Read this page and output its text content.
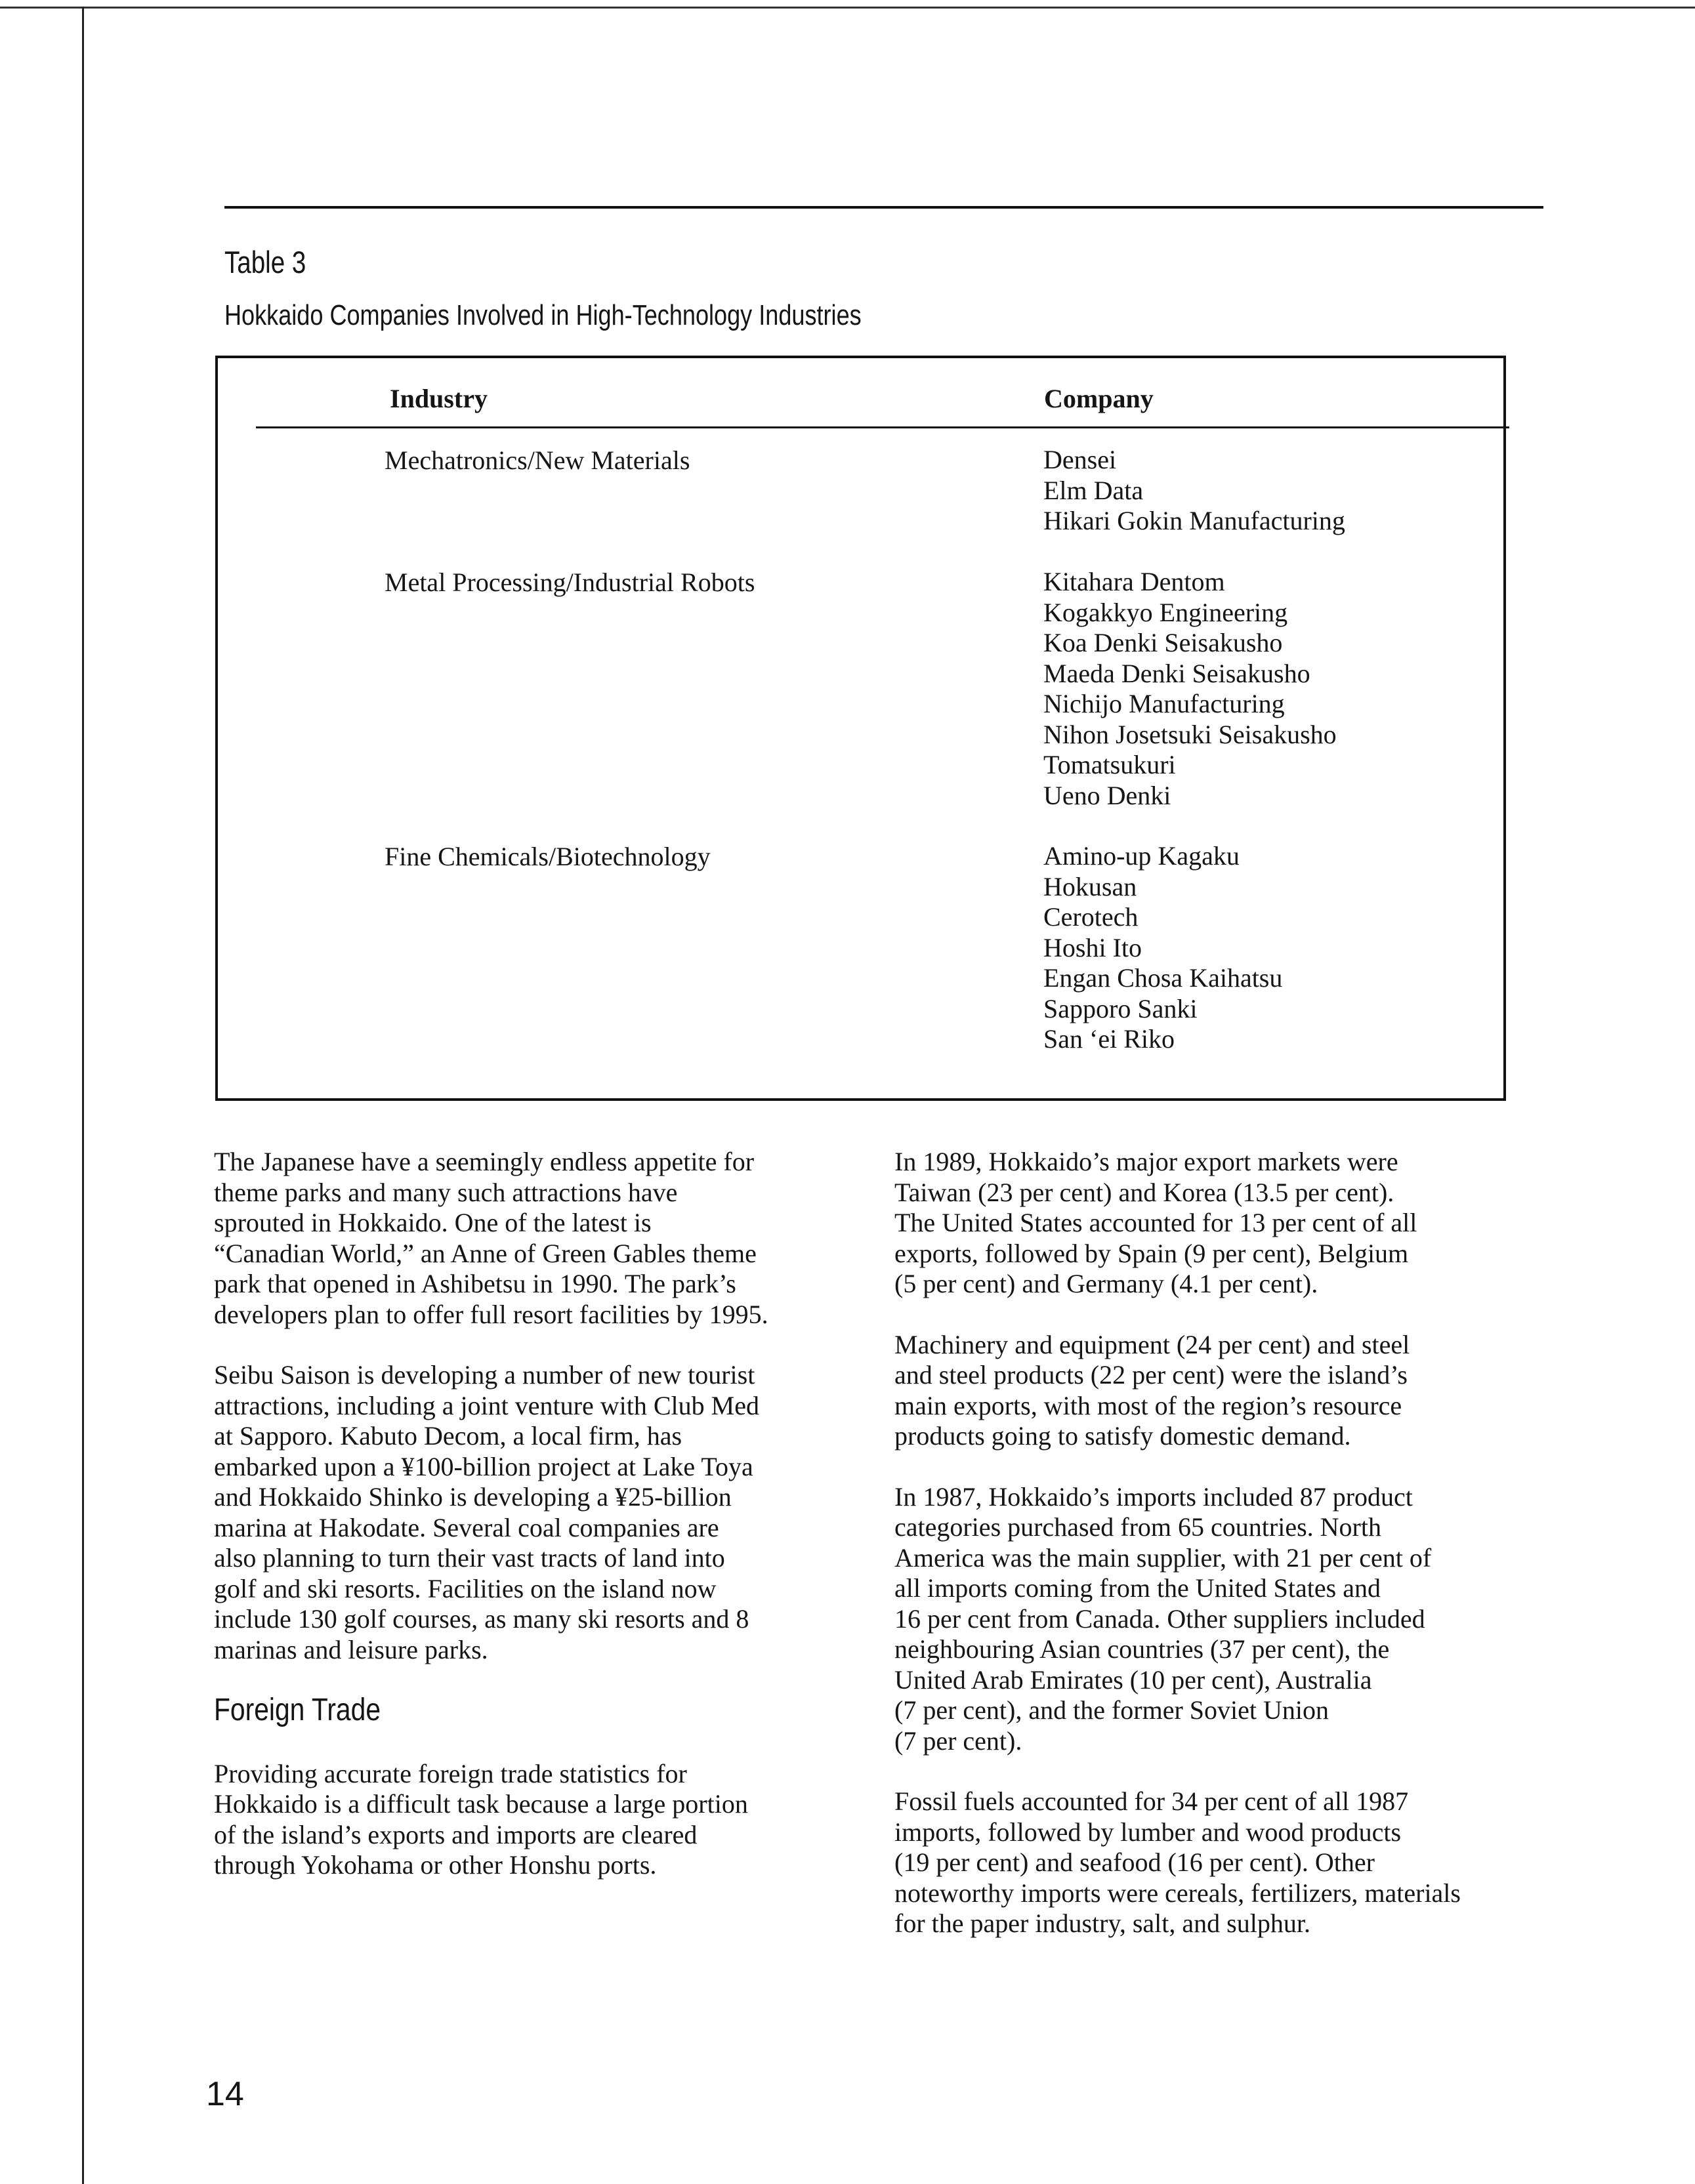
Table 3
Hokkaido Companies Involved in High-Technology Industries
Industry	Company
Mechatronics/New Materials	Densei
Elm Data
Hikari Gokin Manufacturing
Metal Processing/Industrial Robots	Kitahara Dentom
Kogakkyo Engineering
Koa Denki Seisakusho
Maeda Denki Seisakusho
Nichijo Manufacturing
Nihon Josetsuki Seisakusho
Tomatsukuri
Ueno Denki
Fine Chemicals/Biotechnology	Amino-up Kagaku
Hokusan
Cerotech
Hoshi Ito
Engan Chosa Kaihatsu
Sapporo Sanki
San ‘ei Riko
The Japanese have a seemingly endless appetite for
theme parks and many such attractions have
sprouted in Hokkaido. One of the latest is
“Canadian World,” an Anne of Green Gables theme
park that opened in Ashibetsu in 1990. The park’s
developers plan to offer full resort facilities by 1995.
Seibu Saison is developing a number of new tourist
attractions, including a joint venture with Club Med
at Sapporo. Kabuto Decom, a local firm, has
embarked upon a ¥100-billion project at Lake Toya
and Hokkaido Shinko is developing a ¥25-billion
marina at Hakodate. Several coal companies are
also planning to turn their vast tracts of land into
golf and ski resorts. Facilities on the island now
include 130 golf courses, as many ski resorts and 8
marinas and leisure parks.
Foreign Trade
Providing accurate foreign trade statistics for
Hokkaido is a difficult task because a large portion
of the island’s exports and imports are cleared
through Yokohama or other Honshu ports.
In 1989, Hokkaido’s major export markets were
Taiwan (23 per cent) and Korea (13.5 per cent).
The United States accounted for 13 per cent of all
exports, followed by Spain (9 per cent), Belgium
(5 per cent) and Germany (4.1 per cent).
Machinery and equipment (24 per cent) and steel
and steel products (22 per cent) were the island’s
main exports, with most of the region’s resource
products going to satisfy domestic demand.
In 1987, Hokkaido’s imports included 87 product
categories purchased from 65 countries. North
America was the main supplier, with 21 per cent of
all imports coming from the United States and
16 per cent from Canada. Other suppliers included
neighbouring Asian countries (37 per cent), the
United Arab Emirates (10 per cent), Australia
(7 per cent), and the former Soviet Union
(7 per cent).
Fossil fuels accounted for 34 per cent of all 1987
imports, followed by lumber and wood products
(19 per cent) and seafood (16 per cent). Other
noteworthy imports were cereals, fertilizers, materials
for the paper industry, salt, and sulphur.
14
